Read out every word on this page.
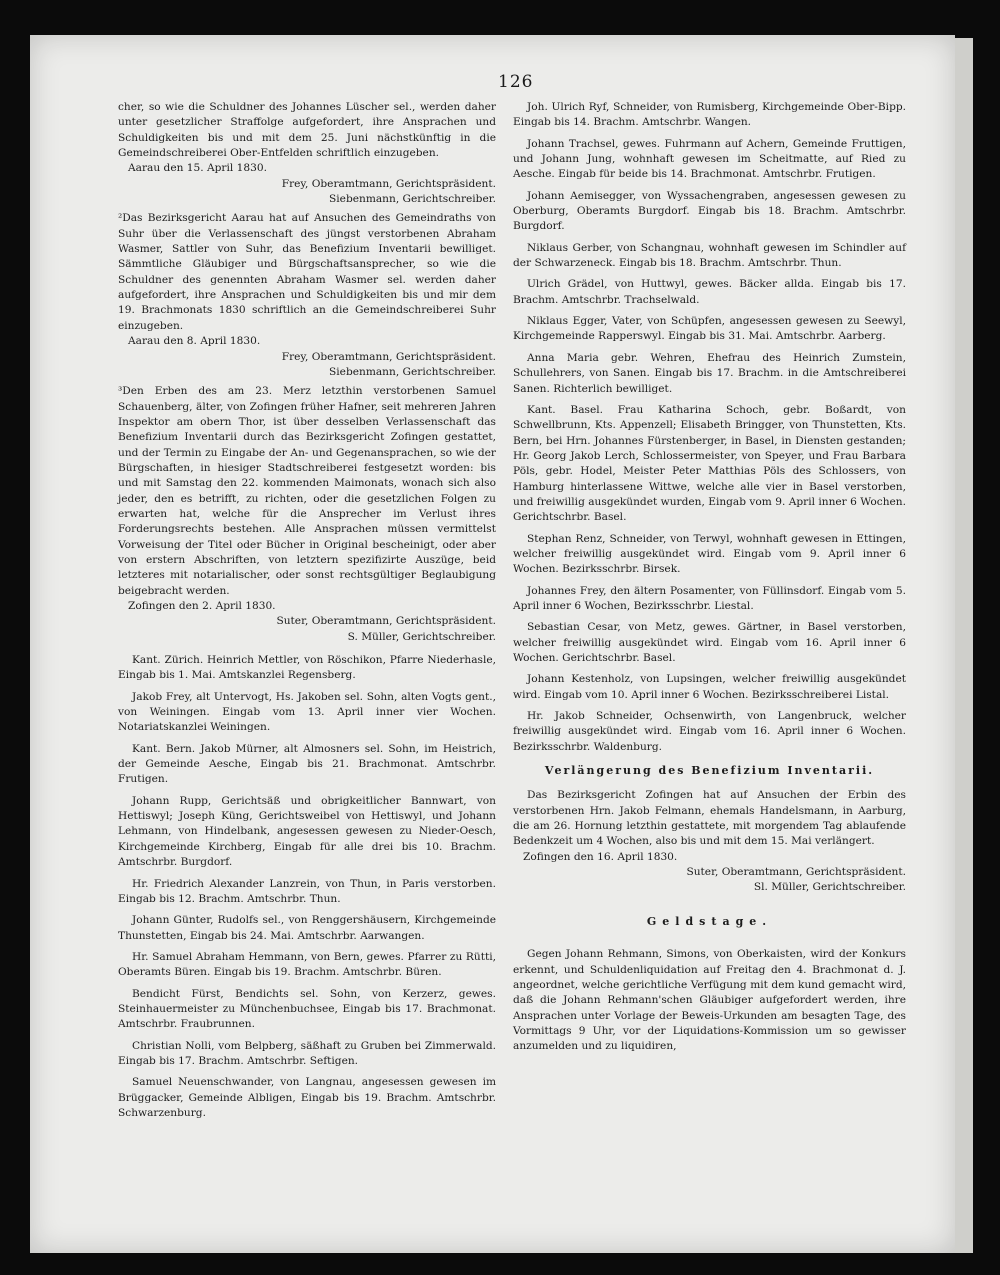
126

cher, so wie die Schuldner des Johannes Lüscher sel., werden daher unter gesetzlicher Straffolge aufgefordert, ihre Ansprachen und Schuldigkeiten bis und mit dem 25. Juni nächstkünftig in die Gemeindschreiberei Ober-Entfelden schriftlich einzugeben.

Aarau den 15. April 1830.

Frey, Oberamtmann, Gerichtspräsident.

Siebenmann, Gerichtschreiber.

²Das Bezirksgericht Aarau hat auf Ansuchen des Gemeindraths von Suhr über die Verlassenschaft des jüngst verstorbenen Abraham Wasmer, Sattler von Suhr, das Benefizium Inventarii bewilliget. Sämmtliche Gläubiger und Bürgschaftsansprecher, so wie die Schuldner des genennten Abraham Wasmer sel. werden daher aufgefordert, ihre Ansprachen und Schuldigkeiten bis und mir dem 19. Brachmonats 1830 schriftlich an die Gemeindschreiberei Suhr einzugeben.

Aarau den 8. April 1830.

Frey, Oberamtmann, Gerichtspräsident.

Siebenmann, Gerichtschreiber.

³Den Erben des am 23. Merz letzthin verstorbenen Samuel Schauenberg, älter, von Zofingen früher Hafner, seit mehreren Jahren Inspektor am obern Thor, ist über desselben Verlassenschaft das Benefizium Inventarii durch das Bezirksgericht Zofingen gestattet, und der Termin zu Eingabe der An- und Gegenansprachen, so wie der Bürgschaften, in hiesiger Stadtschreiberei festgesetzt worden: bis und mit Samstag den 22. kommenden Maimonats, wonach sich also jeder, den es betrifft, zu richten, oder die gesetzlichen Folgen zu erwarten hat, welche für die Ansprecher im Verlust ihres Forderungsrechts bestehen. Alle Ansprachen müssen vermittelst Vorweisung der Titel oder Bücher in Original bescheinigt, oder aber von erstern Abschriften, von letztern spezifizirte Auszüge, beid letzteres mit notarialischer, oder sonst rechtsgültiger Beglaubigung beigebracht werden.

Zofingen den 2. April 1830.

Suter, Oberamtmann, Gerichtspräsident.

S. Müller, Gerichtschreiber.

Kant. Zürich. Heinrich Mettler, von Röschikon, Pfarre Niederhasle, Eingab bis 1. Mai. Amtskanzlei Regensberg.

Jakob Frey, alt Untervogt, Hs. Jakoben sel. Sohn, alten Vogts gent., von Weiningen. Eingab vom 13. April inner vier Wochen. Notariatskanzlei Weiningen.

Kant. Bern. Jakob Mürner, alt Almosners sel. Sohn, im Heistrich, der Gemeinde Aesche, Eingab bis 21. Brachmonat. Amtschrbr. Frutigen.

Johann Rupp, Gerichtsäß und obrigkeitlicher Bannwart, von Hettiswyl; Joseph Küng, Gerichtsweibel von Hettiswyl, und Johann Lehmann, von Hindelbank, angesessen gewesen zu Nieder-Oesch, Kirchgemeinde Kirchberg, Eingab für alle drei bis 10. Brachm. Amtschrbr. Burgdorf.

Hr. Friedrich Alexander Lanzrein, von Thun, in Paris verstorben. Eingab bis 12. Brachm. Amtschrbr. Thun.

Johann Günter, Rudolfs sel., von Renggershäusern, Kirchgemeinde Thunstetten, Eingab bis 24. Mai. Amtschrbr. Aarwangen.

Hr. Samuel Abraham Hemmann, von Bern, gewes. Pfarrer zu Rütti, Oberamts Büren. Eingab bis 19. Brachm. Amtschrbr. Büren.

Bendicht Fürst, Bendichts sel. Sohn, von Kerzerz, gewes. Steinhauermeister zu Münchenbuchsee, Eingab bis 17. Brachmonat. Amtschrbr. Fraubrunnen.

Christian Nolli, vom Belpberg, säßhaft zu Gruben bei Zimmerwald. Eingab bis 17. Brachm. Amtschrbr. Seftigen.

Samuel Neuenschwander, von Langnau, angesessen gewesen im Brüggacker, Gemeinde Albligen, Eingab bis 19. Brachm. Amtschrbr. Schwarzenburg.

Joh. Ulrich Ryf, Schneider, von Rumisberg, Kirchgemeinde Ober-Bipp. Eingab bis 14. Brachm. Amtschrbr. Wangen.

Johann Trachsel, gewes. Fuhrmann auf Achern, Gemeinde Fruttigen, und Johann Jung, wohnhaft gewesen im Scheitmatte, auf Ried zu Aesche. Eingab für beide bis 14. Brachmonat. Amtschrbr. Frutigen.

Johann Aemisegger, von Wyssachengraben, angesessen gewesen zu Oberburg, Oberamts Burgdorf. Eingab bis 18. Brachm. Amtschrbr. Burgdorf.

Niklaus Gerber, von Schangnau, wohnhaft gewesen im Schindler auf der Schwarzeneck. Eingab bis 18. Brachm. Amtschrbr. Thun.

Ulrich Grädel, von Huttwyl, gewes. Bäcker allda. Eingab bis 17. Brachm. Amtschrbr. Trachselwald.

Niklaus Egger, Vater, von Schüpfen, angesessen gewesen zu Seewyl, Kirchgemeinde Rapperswyl. Eingab bis 31. Mai. Amtschrbr. Aarberg.

Anna Maria gebr. Wehren, Ehefrau des Heinrich Zumstein, Schullehrers, von Sanen. Eingab bis 17. Brachm. in die Amtschreiberei Sanen. Richterlich bewilliget.

Kant. Basel. Frau Katharina Schoch, gebr. Boßardt, von Schwellbrunn, Kts. Appenzell; Elisabeth Bringger, von Thunstetten, Kts. Bern, bei Hrn. Johannes Fürstenberger, in Basel, in Diensten gestanden; Hr. Georg Jakob Lerch, Schlossermeister, von Speyer, und Frau Barbara Pöls, gebr. Hodel, Meister Peter Matthias Pöls des Schlossers, von Hamburg hinterlassene Wittwe, welche alle vier in Basel verstorben, und freiwillig ausgekündet wurden, Eingab vom 9. April inner 6 Wochen. Gerichtschrbr. Basel.

Stephan Renz, Schneider, von Terwyl, wohnhaft gewesen in Ettingen, welcher freiwillig ausgekündet wird. Eingab vom 9. April inner 6 Wochen. Bezirksschrbr. Birsek.

Johannes Frey, den ältern Posamenter, von Füllinsdorf. Eingab vom 5. April inner 6 Wochen, Bezirksschrbr. Liestal.

Sebastian Cesar, von Metz, gewes. Gärtner, in Basel verstorben, welcher freiwillig ausgekündet wird. Eingab vom 16. April inner 6 Wochen. Gerichtschrbr. Basel.

Johann Kestenholz, von Lupsingen, welcher freiwillig ausgekündet wird. Eingab vom 10. April inner 6 Wochen. Bezirksschreiberei Listal.

Hr. Jakob Schneider, Ochsenwirth, von Langenbruck, welcher freiwillig ausgekündet wird. Eingab vom 16. April inner 6 Wochen. Bezirksschrbr. Waldenburg.

Verlängerung des Benefizium Inventarii.

Das Bezirksgericht Zofingen hat auf Ansuchen der Erbin des verstorbenen Hrn. Jakob Felmann, ehemals Handelsmann, in Aarburg, die am 26. Hornung letzthin gestattete, mit morgendem Tag ablaufende Bedenkzeit um 4 Wochen, also bis und mit dem 15. Mai verlängert.

Zofingen den 16. April 1830.

Suter, Oberamtmann, Gerichtspräsident.

Sl. Müller, Gerichtschreiber.

Geldstage.

Gegen Johann Rehmann, Simons, von Oberkaisten, wird der Konkurs erkennt, und Schuldenliquidation auf Freitag den 4. Brachmonat d. J. angeordnet, welche gerichtliche Verfügung mit dem kund gemacht wird, daß die Johann Rehmann'schen Gläubiger aufgefordert werden, ihre Ansprachen unter Vorlage der Beweis-Urkunden am besagten Tage, des Vormittags 9 Uhr, vor der Liquidations-Kommission um so gewisser anzumelden und zu liquidiren,
